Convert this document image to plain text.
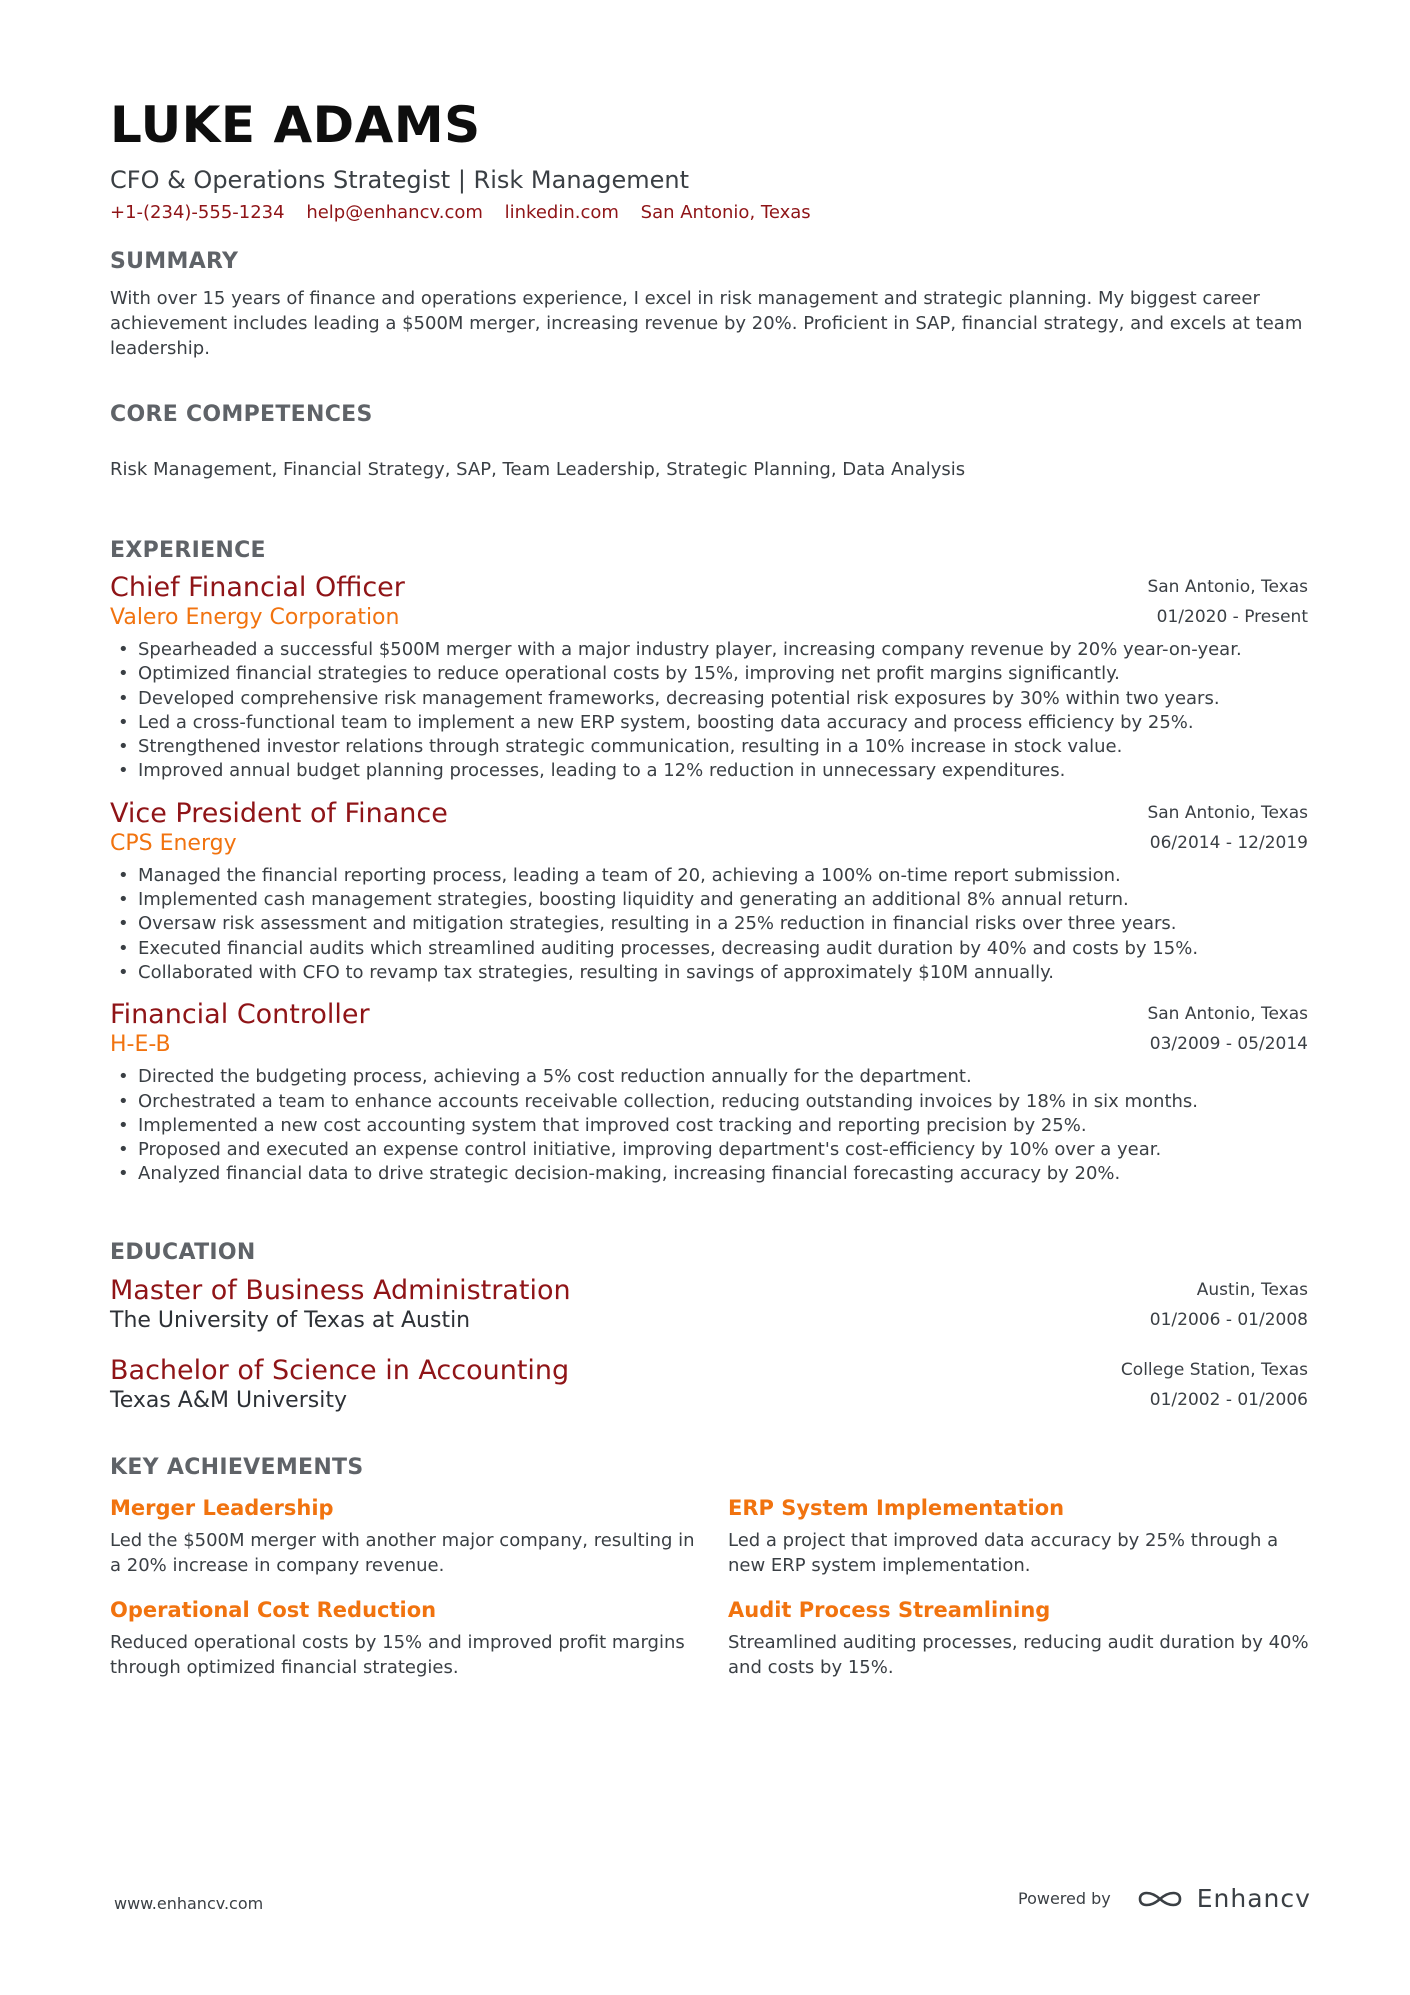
LUKE ADAMS
CFO & Operations Strategist | Risk Management
+1-(234)-555-1234 help@enhancv.com linkedin.com San Antonio, Texas
SUMMARY
With over 15 years of finance and operations experience, I excel in risk management and strategic planning. My biggest career achievement includes leading a $500M merger, increasing revenue by 20%. Proficient in SAP, financial strategy, and excels at team leadership.
CORE COMPETENCES
Risk Management, Financial Strategy, SAP, Team Leadership, Strategic Planning, Data Analysis
EXPERIENCE
Chief Financial Officer
Valero Energy Corporation
San Antonio, Texas
01/2020 - Present
• Spearheaded a successful $500M merger with a major industry player, increasing company revenue by 20% year-on-year.
• Optimized financial strategies to reduce operational costs by 15%, improving net profit margins significantly.
• Developed comprehensive risk management frameworks, decreasing potential risk exposures by 30% within two years.
• Led a cross-functional team to implement a new ERP system, boosting data accuracy and process efficiency by 25%.
• Strengthened investor relations through strategic communication, resulting in a 10% increase in stock value.
• Improved annual budget planning processes, leading to a 12% reduction in unnecessary expenditures.
Vice President of Finance
CPS Energy
San Antonio, Texas
06/2014 - 12/2019
• Managed the financial reporting process, leading a team of 20, achieving a 100% on-time report submission.
• Implemented cash management strategies, boosting liquidity and generating an additional 8% annual return.
• Oversaw risk assessment and mitigation strategies, resulting in a 25% reduction in financial risks over three years.
• Executed financial audits which streamlined auditing processes, decreasing audit duration by 40% and costs by 15%.
• Collaborated with CFO to revamp tax strategies, resulting in savings of approximately $10M annually.
Financial Controller
H-E-B
San Antonio, Texas
03/2009 - 05/2014
• Directed the budgeting process, achieving a 5% cost reduction annually for the department.
• Orchestrated a team to enhance accounts receivable collection, reducing outstanding invoices by 18% in six months.
• Implemented a new cost accounting system that improved cost tracking and reporting precision by 25%.
• Proposed and executed an expense control initiative, improving department's cost-efficiency by 10% over a year.
• Analyzed financial data to drive strategic decision-making, increasing financial forecasting accuracy by 20%.
EDUCATION
Master of Business Administration
The University of Texas at Austin
Austin, Texas
01/2006 - 01/2008
Bachelor of Science in Accounting
Texas A&M University
College Station, Texas
01/2002 - 01/2006
KEY ACHIEVEMENTS
Merger Leadership
Led the $500M merger with another major company, resulting in a 20% increase in company revenue.
ERP System Implementation
Led a project that improved data accuracy by 25% through a new ERP system implementation.
Operational Cost Reduction
Reduced operational costs by 15% and improved profit margins through optimized financial strategies.
Audit Process Streamlining
Streamlined auditing processes, reducing audit duration by 40% and costs by 15%.
www.enhancv.com	Powered by	Enhancv
